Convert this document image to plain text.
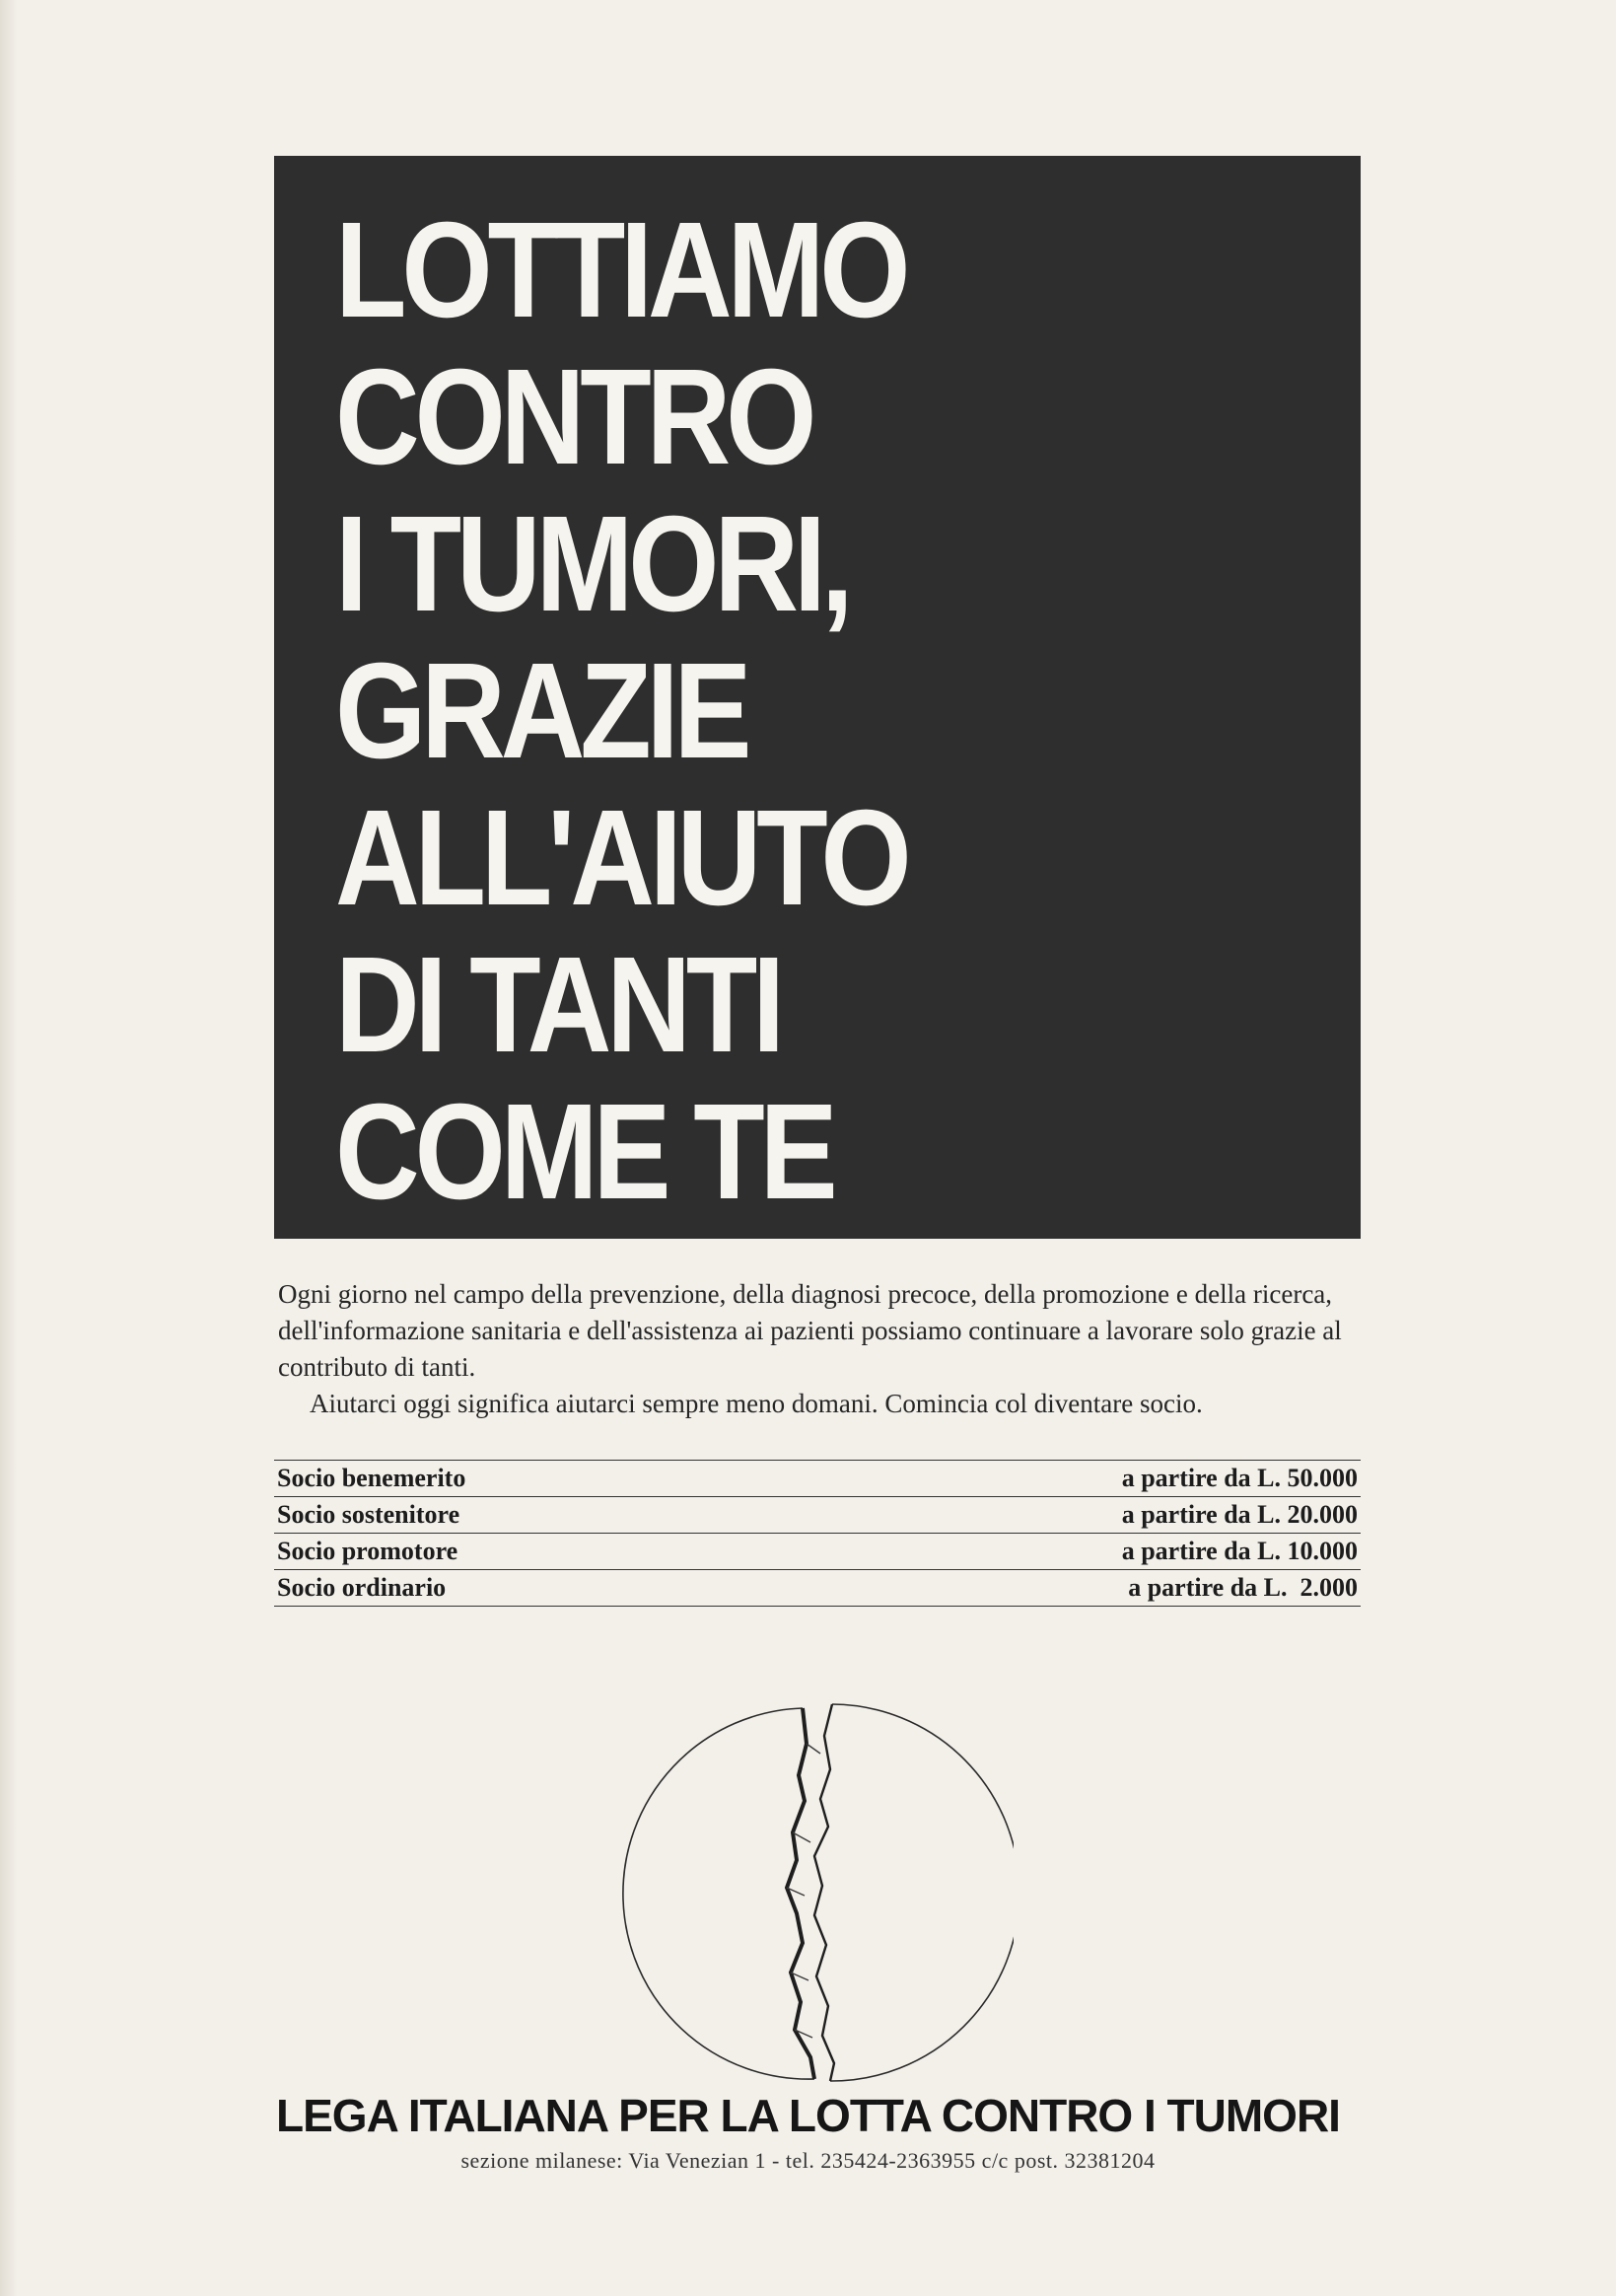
LOTTIAMO
CONTRO
I TUMORI,
GRAZIE
ALL'AIUTO
DI TANTI
COME TE

Ogni giorno nel campo della prevenzione, della diagnosi precoce, della promozione e della ricerca, dell'informazione sanitaria e dell'assistenza ai pazienti possiamo continuare a lavorare solo grazie al contributo di tanti.

Aiutarci oggi significa aiutarci sempre meno domani. Comincia col diventare socio.

Socio benemerito	a partire da L. 50.000
Socio sostenitore	a partire da L. 20.000
Socio promotore	a partire da L. 10.000
Socio ordinario	a partire da L.  2.000
LEGA ITALIANA PER LA LOTTA CONTRO I TUMORI
sezione milanese: Via Venezian 1 - tel. 235424-2363955 c/c post. 32381204
